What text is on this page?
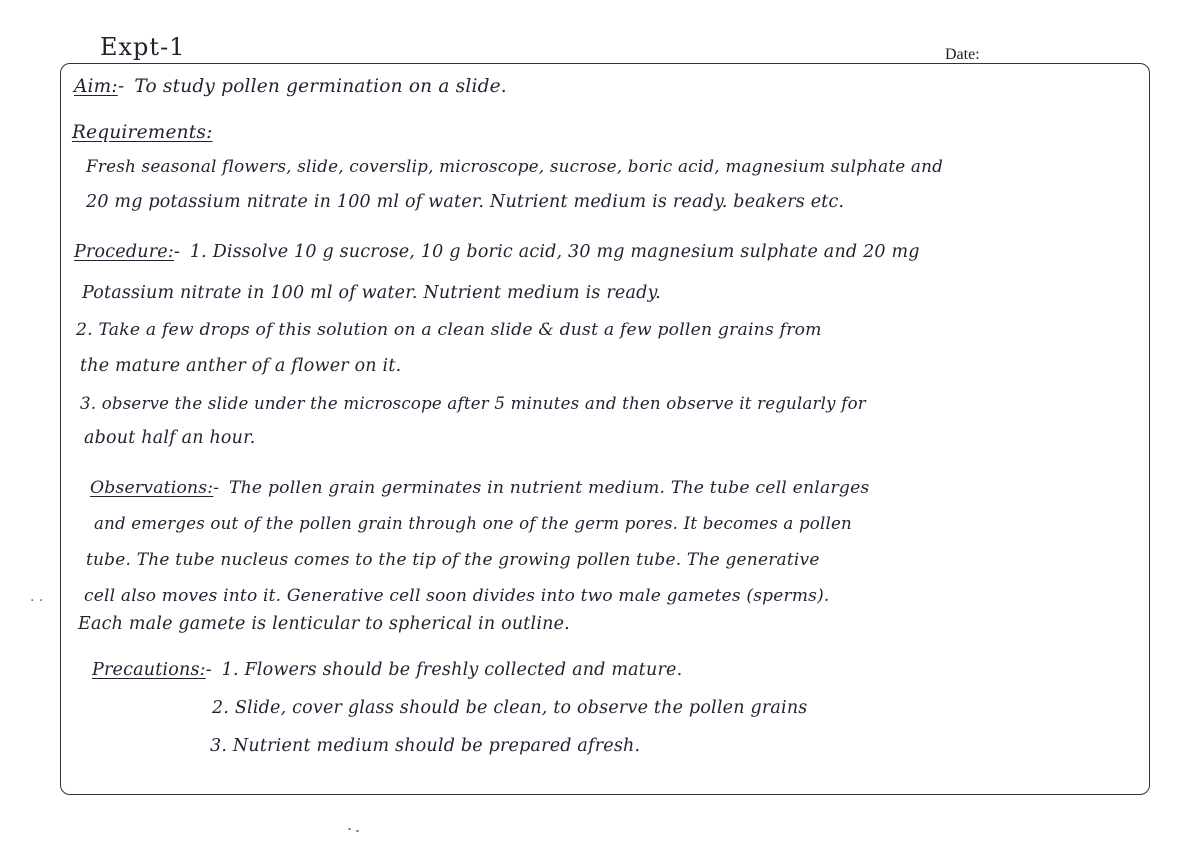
Expt-1	Date:
Aim:- To study pollen germination on a slide.
Requirements:
Fresh seasonal flowers, slide, coverslip, microscope, sucrose, boric acid, magnesium sulphate and
20 mg potassium nitrate in 100 ml of water. Nutrient medium is ready. beakers etc.
Procedure:- 1. Dissolve 10 g sucrose, 10 g boric acid, 30 mg magnesium sulphate and 20 mg
Potassium nitrate in 100 ml of water. Nutrient medium is ready.
2. Take a few drops of this solution on a clean slide & dust a few pollen grains from
the mature anther of a flower on it.
3. observe the slide under the microscope after 5 minutes and then observe it regularly for
about half an hour.
Observations:- The pollen grain germinates in nutrient medium. The tube cell enlarges
and emerges out of the pollen grain through one of the germ pores. It becomes a pollen
tube. The tube nucleus comes to the tip of the growing pollen tube. The generative
cell also moves into it. Generative cell soon divides into two male gametes (sperms).
Each male gamete is lenticular to spherical in outline.
Precautions:- 1. Flowers should be freshly collected and mature.
2. Slide, cover glass should be clean, to observe the pollen grains
3. Nutrient medium should be prepared afresh.
· ·
